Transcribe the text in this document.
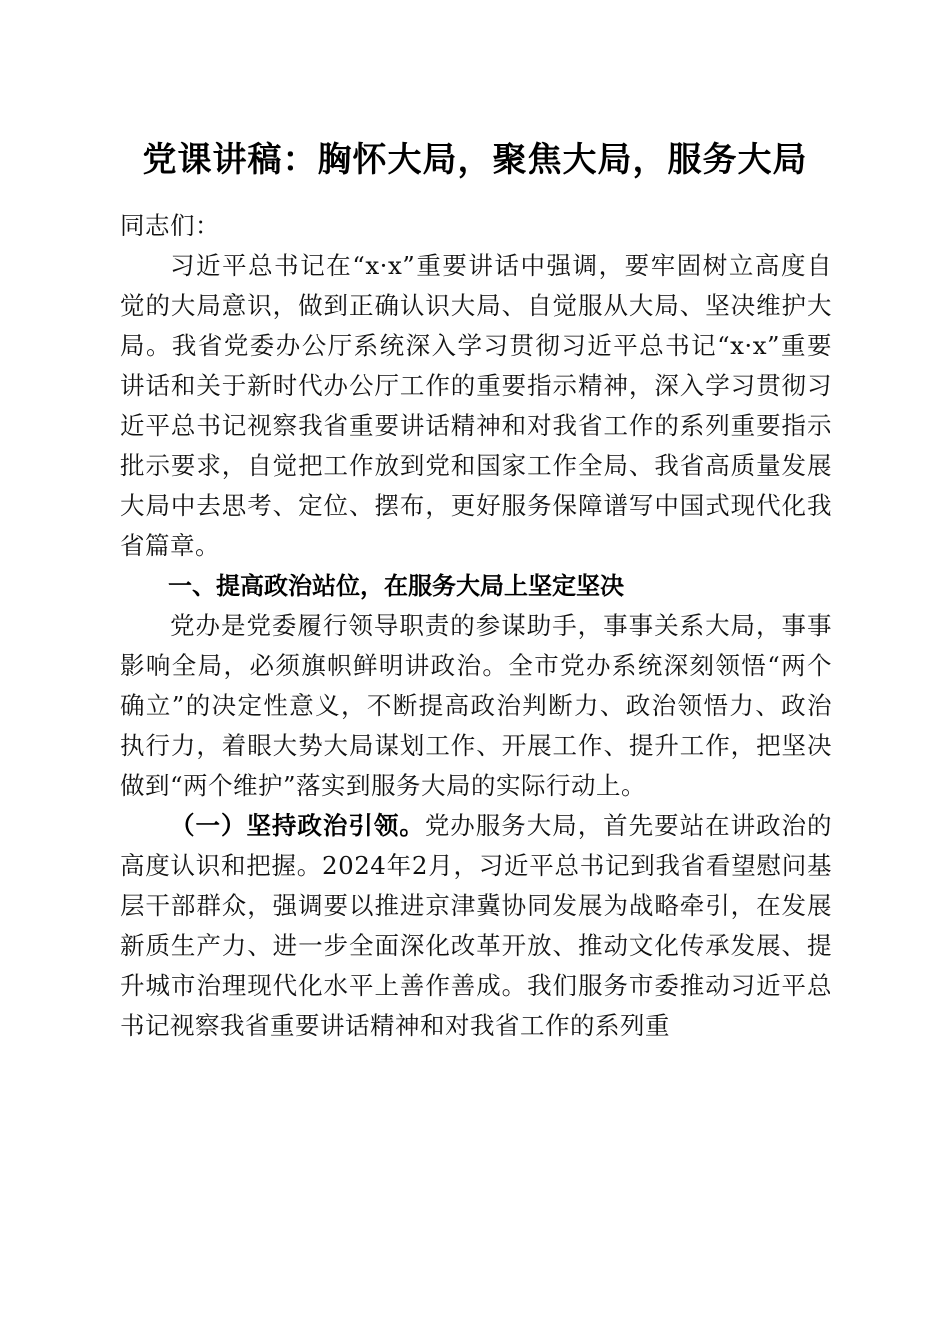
党课讲稿：胸怀大局，聚焦大局，服务大局

同志们：

习近平总书记在“x·x”重要讲话中强调，要牢固树立高度自觉的大局意识，做到正确认识大局、自觉服从大局、坚决维护大局。我省党委办公厅系统深入学习贯彻习近平总书记“x·x”重要讲话和关于新时代办公厅工作的重要指示精神，深入学习贯彻习近平总书记视察我省重要讲话精神和对我省工作的系列重要指示批示要求，自觉把工作放到党和国家工作全局、我省高质量发展大局中去思考、定位、摆布，更好服务保障谱写中国式现代化我省篇章。

一、提高政治站位，在服务大局上坚定坚决

党办是党委履行领导职责的参谋助手，事事关系大局，事事影响全局，必须旗帜鲜明讲政治。全市党办系统深刻领悟“两个确立”的决定性意义，不断提高政治判断力、政治领悟力、政治执行力，着眼大势大局谋划工作、开展工作、提升工作，把坚决做到“两个维护”落实到服务大局的实际行动上。

（一）坚持政治引领。党办服务大局，首先要站在讲政治的高度认识和把握。2024年2月，习近平总书记到我省看望慰问基层干部群众，强调要以推进京津冀协同发展为战略牵引，在发展新质生产力、进一步全面深化改革开放、推动文化传承发展、提升城市治理现代化水平上善作善成。我们服务市委推动习近平总书记视察我省重要讲话精神和对我省工作的系列重
